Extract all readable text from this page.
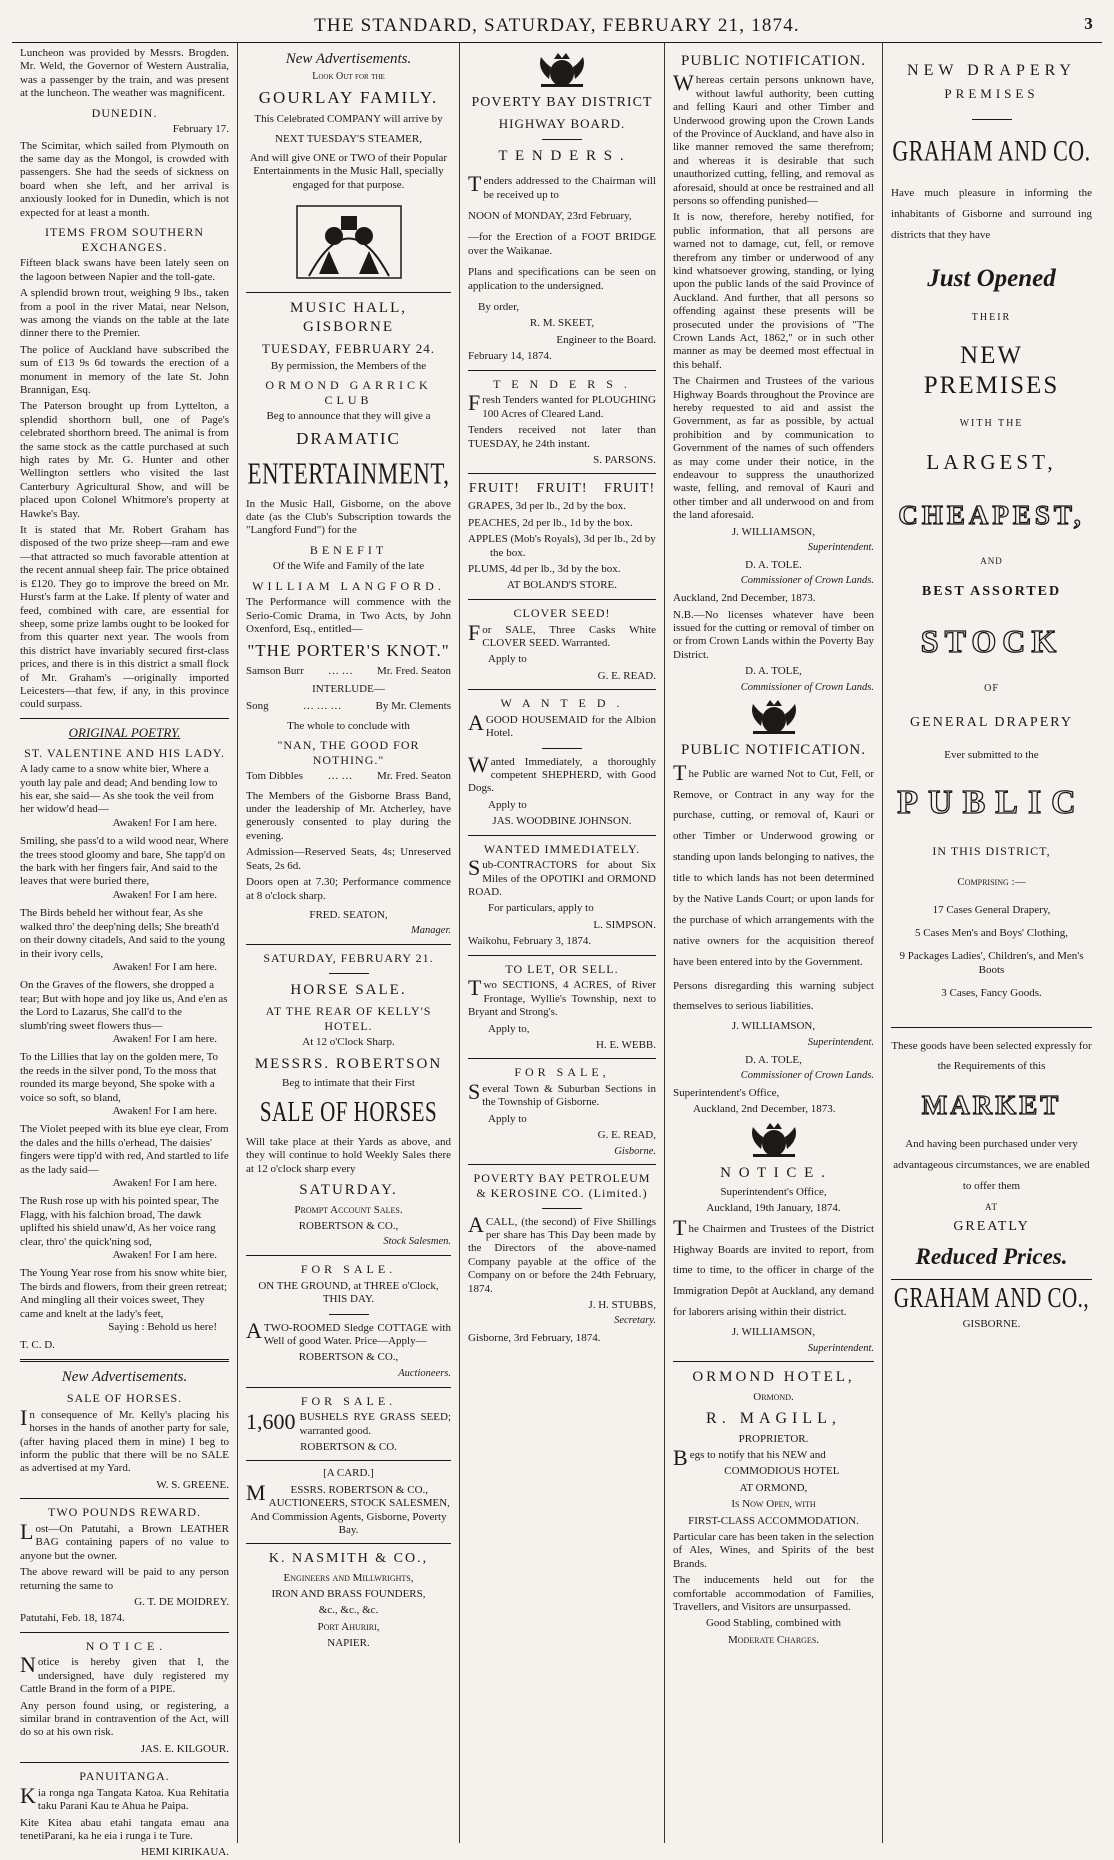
THE STANDARD, SATURDAY, FEBRUARY 21, 1874.	3

Luncheon was provided by Messrs. Brogden. Mr. Weld, the Governor of Western Australia, was a passenger by the train, and was present at the luncheon. The weather was magnificent.

DUNEDIN.

February 17.

The Scimitar, which sailed from Plymouth on the same day as the Mongol, is crowded with passengers. She had the seeds of sickness on board when she left, and her arrival is anxiously looked for in Dunedin, which is not expected for at least a month.

ITEMS FROM SOUTHERN EXCHANGES.

Fifteen black swans have been lately seen on the lagoon between Napier and the toll-gate.

A splendid brown trout, weighing 9 lbs., taken from a pool in the river Matai, near Nelson, was among the viands on the table at the late dinner there to the Premier.

The police of Auckland have subscribed the sum of £13 9s 6d towards the erection of a monument in memory of the late St. John Brannigan, Esq.

The Paterson brought up from Lyttelton, a splendid shorthorn bull, one of Page's celebrated shorthorn breed. The animal is from the same stock as the cattle purchased at such high rates by Mr. G. Hunter and other Wellington settlers who visited the last Canterbury Agricultural Show, and will be placed upon Colonel Whitmore's property at Hawke's Bay.

It is stated that Mr. Robert Graham has disposed of the two prize sheep—ram and ewe—that attracted so much favorable attention at the recent annual sheep fair. The price obtained is £120. They go to improve the breed on Mr. Hurst's farm at the Lake. If plenty of water and feed, combined with care, are essential for sheep, some prize lambs ought to be looked for from this quarter next year. The wools from this district have invariably secured first-class prices, and there is in this district a small flock of Mr. Graham's —originally imported Leicesters—that few, if any, in this province could surpass.

ORIGINAL POETRY.
ST. VALENTINE AND HIS LADY.

A lady came to a snow white bier, Where a youth lay pale and dead; And bending low to his ear, she said— As she took the veil from her widow'd head—

Awaken! For I am here.

Smiling, she pass'd to a wild wood near, Where the trees stood gloomy and bare, She tapp'd on the bark with her fingers fair, And said to the leaves that were buried there,

Awaken! For I am here.

The Birds beheld her without fear, As she walked thro' the deep'ning dells; She breath'd on their downy citadels, And said to the young in their ivory cells,

Awaken! For I am here.

On the Graves of the flowers, she dropped a tear; But with hope and joy like us, And e'en as the Lord to Lazarus, She call'd to the slumb'ring sweet flowers thus—

Awaken! For I am here.

To the Lillies that lay on the golden mere, To the reeds in the silver pond, To the moss that rounded its marge beyond, She spoke with a voice so soft, so bland,

Awaken! For I am here.

The Violet peeped with its blue eye clear, From the dales and the hills o'erhead, The daisies' fingers were tipp'd with red, And startled to life as the lady said—

Awaken! For I am here.

The Rush rose up with his pointed spear, The Flagg, with his falchion broad, The dawk uplifted his shield unaw'd, As her voice rang clear, thro' the quick'ning sod,

Awaken! For I am here.

The Young Year rose from his snow white bier, The birds and flowers, from their green retreat; And mingling all their voices sweet, They came and knelt at the lady's feet,

Saying : Behold us here!

T. C. D.

New Advertisements.
SALE OF HORSES.

In consequence of Mr. Kelly's placing his horses in the hands of another party for sale, (after having placed them in mine) I beg to inform the public that there will be no SALE as advertised at my Yard.

W. S. GREENE.

TWO POUNDS REWARD.

Lost—On Patutahi, a Brown LEATHER BAG containing papers of no value to anyone but the owner.

The above reward will be paid to any person returning the same to

G. T. DE MOIDREY.

Patutahi, Feb. 18, 1874.

N O T I C E .

Notice is hereby given that I, the undersigned, have duly registered my Cattle Brand in the form of a PIPE.

Any person found using, or registering, a similar brand in contravention of the Act, will do so at his own risk.

JAS. E. KILGOUR.

PANUITANGA.

Kia ronga nga Tangata Katoa. Kua Rehitatia taku Parani Kau te Ahua he Paipa.

Kite Kitea abau etahi tangata emau ana tenetiParani, ka he eia i runga i te Ture.

HEMI KIRIKAUA.

New Advertisements.
Look Out for the
GOURLAY FAMILY.

This Celebrated COMPANY will arrive by

NEXT TUESDAY'S STEAMER,

And will give ONE or TWO of their Popular Entertainments in the Music Hall, specially engaged for that purpose.

MUSIC HALL, GISBORNE
TUESDAY, FEBRUARY 24.

By permission, the Members of the

ORMOND GARRICK CLUB

Beg to announce that they will give a

DRAMATIC
ENTERTAINMENT,

In the Music Hall, Gisborne, on the above date (as the Club's Subscription towards the "Langford Fund") for the

BENEFIT

Of the Wife and Family of the late

WILLIAM LANGFORD.

The Performance will commence with the Serio-Comic Drama, in Two Acts, by John Oxenford, Esq., entitled—

"THE PORTER'S KNOT."
Samson Burr … … Mr. Fred. Seaton
INTERLUDE—
Song	… … …	By Mr. Clements

The whole to conclude with

"NAN, THE GOOD FOR NOTHING."
Tom Dibbles … … Mr. Fred. Seaton

The Members of the Gisborne Brass Band, under the leadership of Mr. Atcherley, have generously consented to play during the evening.

Admission—Reserved Seats, 4s; Unreserved Seats, 2s 6d.

Doors open at 7.30; Performance commence at 8 o'clock sharp.

FRED. SEATON,

Manager.

SATURDAY, FEBRUARY 21.
HORSE SALE.
AT THE REAR OF KELLY'S HOTEL.

At 12 o'Clock Sharp.

MESSRS. ROBERTSON

Beg to intimate that their First

SALE OF HORSES

Will take place at their Yards as above, and they will continue to hold Weekly Sales there at 12 o'clock sharp every

SATURDAY.

Prompt Account Sales.

ROBERTSON & CO.,

Stock Salesmen.

FOR SALE.

ON THE GROUND, at THREE o'Clock, THIS DAY.

ATWO-ROOMED Sledge COTTAGE with Well of good Water. Price—Apply—

ROBERTSON & CO.,

Auctioneers.

FOR SALE.

1,600 BUSHELS RYE GRASS SEED; warranted good.

ROBERTSON & CO.

[A CARD.]

MESSRS. ROBERTSON & CO., AUCTIONEERS, STOCK SALESMEN, And Commission Agents, Gisborne, Poverty Bay.

K. NASMITH & CO.,

Engineers and Millwrights,

IRON AND BRASS FOUNDERS,

&c., &c., &c.

Port Ahuriri,

NAPIER.

POVERTY BAY DISTRICT
HIGHWAY BOARD.
T E N D E R S .

Tenders addressed to the Chairman will be received up to

NOON of MONDAY, 23rd February,

—for the Erection of a FOOT BRIDGE over the Waikanae.

Plans and specifications can be seen on application to the undersigned.

By order,

R. M. SKEET,

Engineer to the Board.

February 14, 1874.

T E N D E R S .

Fresh Tenders wanted for PLOUGHING 100 Acres of Cleared Land.

Tenders received not later than TUESDAY, he 24th instant.

S. PARSONS.

FRUIT! FRUIT! FRUIT!

GRAPES, 3d per lb., 2d by the box.

PEACHES, 2d per lb., 1d by the box.

APPLES (Mob's Royals), 3d per lb., 2d by the box.

PLUMS, 4d per lb., 3d by the box.

AT BOLAND'S STORE.

CLOVER SEED!

For SALE, Three Casks White CLOVER SEED. Warranted.

Apply to

G. E. READ.

W A N T E D .

AGOOD HOUSEMAID for the Albion Hotel.

Wanted Immediately, a thoroughly competent SHEPHERD, with Good Dogs.

Apply to

JAS. WOODBINE JOHNSON.

WANTED IMMEDIATELY.

Sub-CONTRACTORS for about Six Miles of the OPOTIKI and ORMOND ROAD.

For particulars, apply to

L. SIMPSON.

Waikohu, February 3, 1874.

TO LET, OR SELL.

Two SECTIONS, 4 ACRES, of River Frontage, Wyllie's Township, next to Bryant and Strong's.

Apply to,

H. E. WEBB.

FOR SALE,

Several Town & Suburban Sections in the Township of Gisborne.

Apply to

G. E. READ,

Gisborne.

POVERTY BAY PETROLEUM & KEROSINE CO. (Limited.)

ACALL, (the second) of Five Shillings per share has This Day been made by the Directors of the above-named Company payable at the office of the Company on or before the 24th February, 1874.

J. H. STUBBS,

Secretary.

Gisborne, 3rd February, 1874.

PUBLIC NOTIFICATION.

Whereas certain persons unknown have, without lawful authority, been cutting and felling Kauri and other Timber and Underwood growing upon the Crown Lands of the Province of Auckland, and have also in like manner removed the same therefrom; and whereas it is desirable that such unauthorized cutting, felling, and removal as aforesaid, should at once be restrained and all persons so offending punished—

It is now, therefore, hereby notified, for public information, that all persons are warned not to damage, cut, fell, or remove therefrom any timber or underwood of any kind whatsoever growing, standing, or lying upon the public lands of the said Province of Auckland. And further, that all persons so offending against these presents will be prosecuted under the provisions of "The Crown Lands Act, 1862," or in such other manner as may be deemed most effectual in this behalf.

The Chairmen and Trustees of the various Highway Boards throughout the Province are hereby requested to aid and assist the Government, as far as possible, by actual prohibition and by communication to Government of the names of such offenders as may come under their notice, in the endeavour to suppress the unauthorized waste, felling, and removal of Kauri and other timber and all underwood on and from the land aforesaid.

J. WILLIAMSON,

Superintendent.

D. A. TOLE.

Commissioner of Crown Lands.

Auckland, 2nd December, 1873.

N.B.—No licenses whatever have been issued for the cutting or removal of timber on or from Crown Lands within the Poverty Bay District.

D. A. TOLE,

Commissioner of Crown Lands.

PUBLIC NOTIFICATION.

The Public are warned Not to Cut, Fell, or Remove, or Contract in any way for the purchase, cutting, or removal of, Kauri or other Timber or Underwood growing or standing upon lands belonging to natives, the title to which lands has not been determined by the Native Lands Court; or upon lands for the purchase of which arrangements with the native owners for the acquisition thereof have been entered into by the Government.

Persons disregarding this warning subject themselves to serious liabilities.

J. WILLIAMSON,

Superintendent.

D. A. TOLE,

Commissioner of Crown Lands.

Superintendent's Office,

Auckland, 2nd December, 1873.

N O T I C E .

Superintendent's Office,

Auckland, 19th January, 1874.

The Chairmen and Trustees of the District Highway Boards are invited to report, from time to time, to the officer in charge of the Immigration Depôt at Auckland, any demand for laborers arising within their district.

J. WILLIAMSON,

Superintendent.

ORMOND HOTEL,

Ormond.

R. MAGILL,

PROPRIETOR.

Begs to notify that his NEW and

COMMODIOUS HOTEL

AT ORMOND,

Is Now Open, with

FIRST-CLASS ACCOMMODATION.

Particular care has been taken in the selection of Ales, Wines, and Spirits of the best Brands.

The inducements held out for the comfortable accommodation of Families, Travellers, and Visitors are unsurpassed.

Good Stabling, combined with

Moderate Charges.

NEW DRAPERY
PREMISES
GRAHAM AND CO.

Have much pleasure in informing the inhabitants of Gisborne and surround ing districts that they have

Just Opened
THEIR
NEW PREMISES
WITH THE
LARGEST,
CHEAPEST,
AND
BEST ASSORTED
STOCK
OF
GENERAL DRAPERY

Ever submitted to the

PUBLIC
IN THIS DISTRICT,

Comprising :—

17 Cases General Drapery,

5 Cases Men's and Boys' Clothing,

9 Packages Ladies', Children's, and Men's Boots

3 Cases, Fancy Goods.

These goods have been selected expressly for the Requirements of this

MARKET

And having been purchased under very advantageous circumstances, we are enabled to offer them

AT
GREATLY
Reduced Prices.
GRAHAM AND CO.,

GISBORNE.
